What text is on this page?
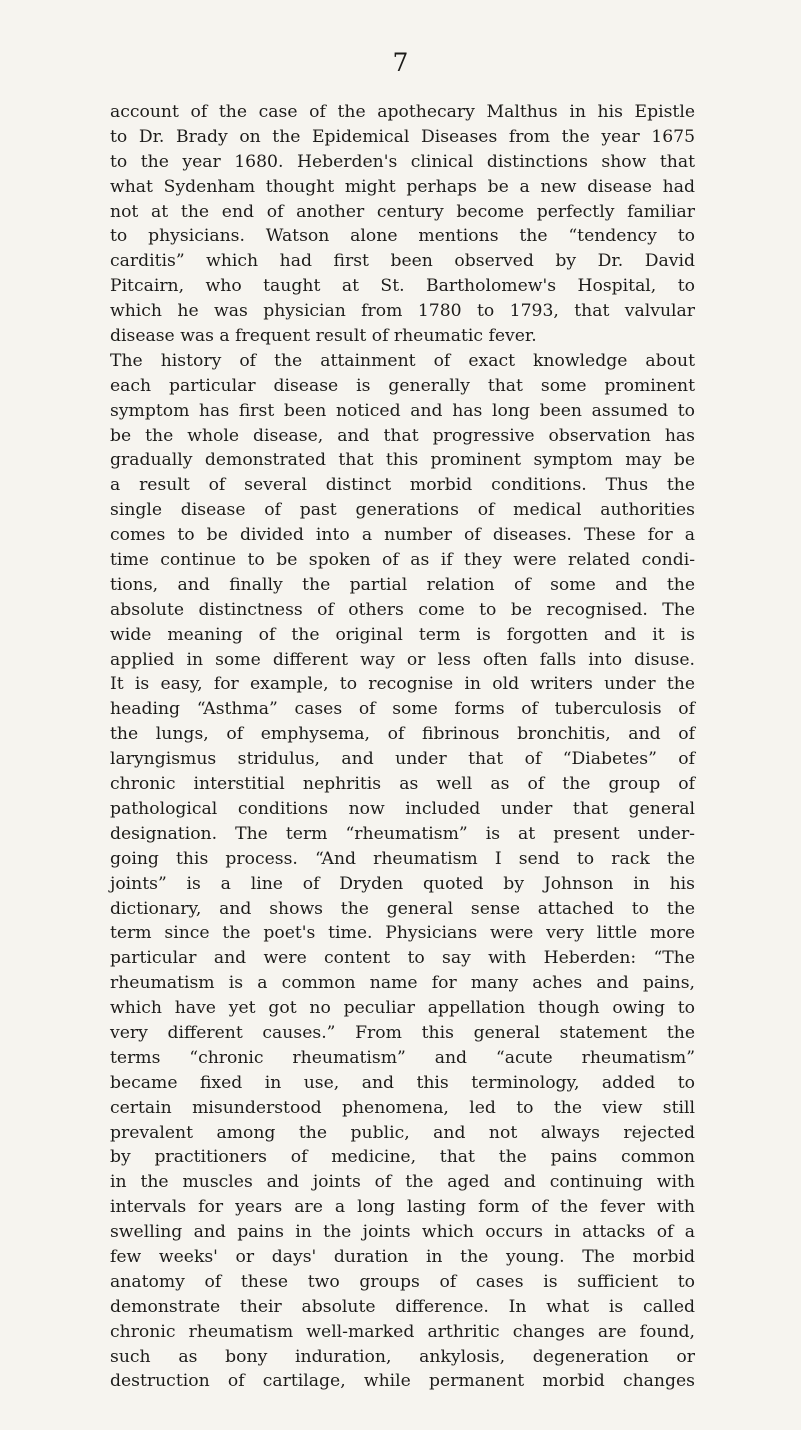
7
account of the case of the apothecary Malthus in his Epistle
to Dr. Brady on the Epidemical Diseases from the year 1675
to the year 1680. Heberden's clinical distinctions show that
what Sydenham thought might perhaps be a new disease had
not at the end of another century become perfectly familiar
to physicians. Watson alone mentions the “tendency to
carditis” which had first been observed by Dr. David
Pitcairn, who taught at St. Bartholomew's Hospital, to
which he was physician from 1780 to 1793, that valvular
disease was a frequent result of rheumatic fever.
The history of the attainment of exact knowledge about
each particular disease is generally that some prominent
symptom has first been noticed and has long been assumed to
be the whole disease, and that progressive observation has
gradually demonstrated that this prominent symptom may be
a result of several distinct morbid conditions. Thus the
single disease of past generations of medical authorities
comes to be divided into a number of diseases. These for a
time continue to be spoken of as if they were related condi-
tions, and finally the partial relation of some and the
absolute distinctness of others come to be recognised. The
wide meaning of the original term is forgotten and it is
applied in some different way or less often falls into disuse.
It is easy, for example, to recognise in old writers under the
heading “Asthma” cases of some forms of tuberculosis of
the lungs, of emphysema, of fibrinous bronchitis, and of
laryngismus stridulus, and under that of “Diabetes” of
chronic interstitial nephritis as well as of the group of
pathological conditions now included under that general
designation. The term “rheumatism” is at present under-
going this process. “And rheumatism I send to rack the
joints” is a line of Dryden quoted by Johnson in his
dictionary, and shows the general sense attached to the
term since the poet's time. Physicians were very little more
particular and were content to say with Heberden: “The
rheumatism is a common name for many aches and pains,
which have yet got no peculiar appellation though owing to
very different causes.” From this general statement the
terms “chronic rheumatism” and “acute rheumatism”
became fixed in use, and this terminology, added to
certain misunderstood phenomena, led to the view still
prevalent among the public, and not always rejected
by practitioners of medicine, that the pains common
in the muscles and joints of the aged and continuing with
intervals for years are a long lasting form of the fever with
swelling and pains in the joints which occurs in attacks of a
few weeks' or days' duration in the young. The morbid
anatomy of these two groups of cases is sufficient to
demonstrate their absolute difference. In what is called
chronic rheumatism well-marked arthritic changes are found,
such as bony induration, ankylosis, degeneration or
destruction of cartilage, while permanent morbid changes
